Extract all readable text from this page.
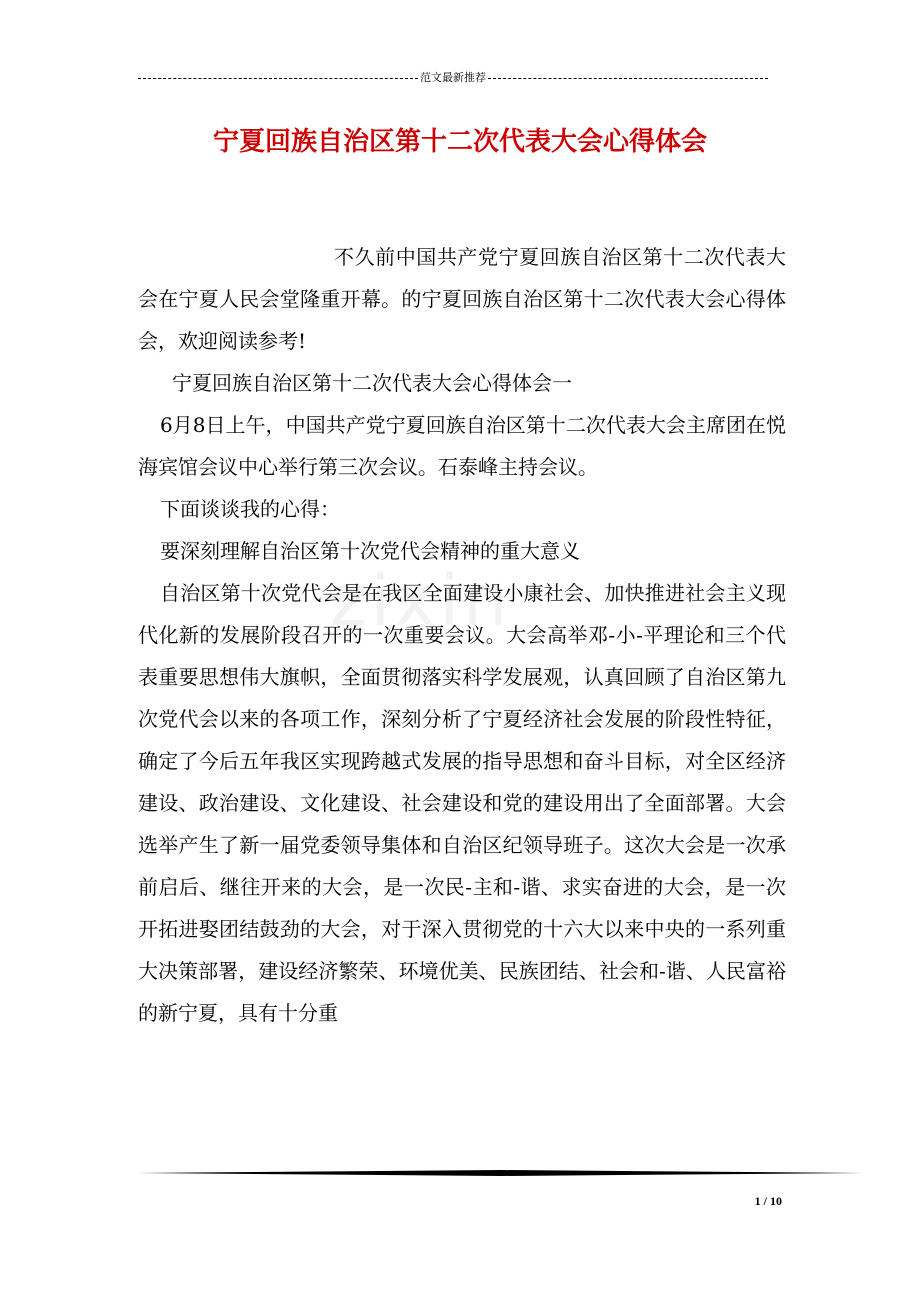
范文最新推荐
宁夏回族自治区第十二次代表大会心得体会
zixin

不久前中国共产党宁夏回族自治区第十二次代表大会在宁夏人民会堂隆重开幕。的宁夏回族自治区第十二次代表大会心得体会，欢迎阅读参考!

宁夏回族自治区第十二次代表大会心得体会一

6月8日上午，中国共产党宁夏回族自治区第十二次代表大会主席团在悦海宾馆会议中心举行第三次会议。石泰峰主持会议。

下面谈谈我的心得：

要深刻理解自治区第十次党代会精神的重大意义

自治区第十次党代会是在我区全面建设小康社会、加快推进社会主义现代化新的发展阶段召开的一次重要会议。大会高举邓-小-平理论和三个代表重要思想伟大旗帜，全面贯彻落实科学发展观，认真回顾了自治区第九次党代会以来的各项工作，深刻分析了宁夏经济社会发展的阶段性特征，确定了今后五年我区实现跨越式发展的指导思想和奋斗目标，对全区经济建设、政治建设、文化建设、社会建设和党的建设用出了全面部署。大会选举产生了新一届党委领导集体和自治区纪领导班子。这次大会是一次承前启后、继往开来的大会，是一次民-主和-谐、求实奋进的大会，是一次开拓进娶团结鼓劲的大会，对于深入贯彻党的十六大以来中央的一系列重大决策部署，建设经济繁荣、环境优美、民族团结、社会和-谐、人民富裕的新宁夏，具有十分重

1 / 10
